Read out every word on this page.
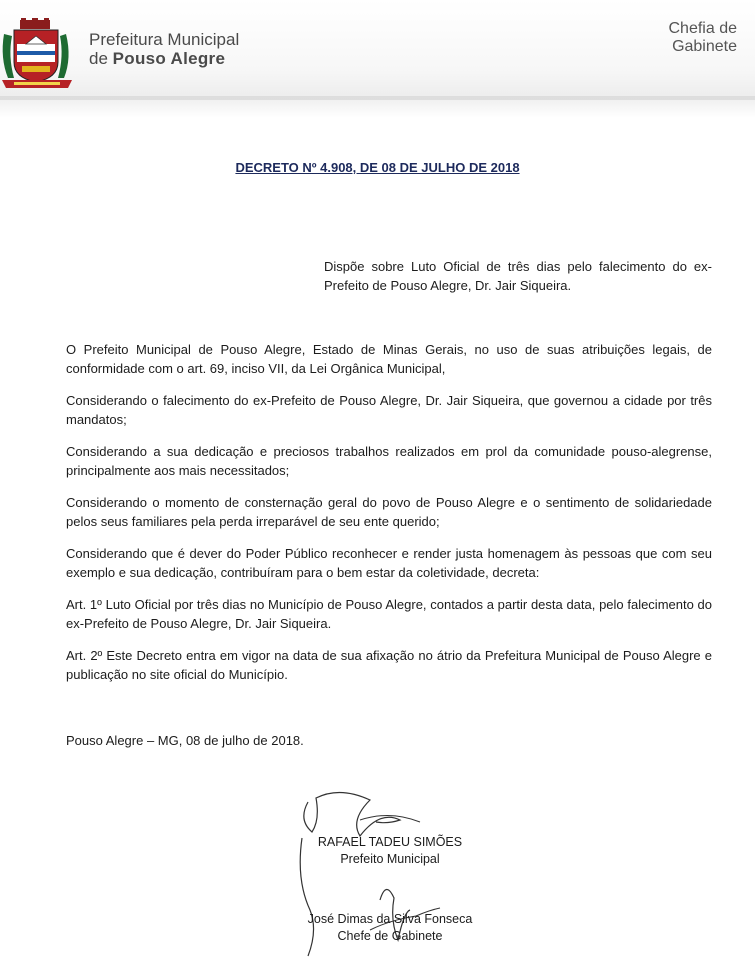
Prefeitura Municipal
de Pouso Alegre
Chefia de
Gabinete
DECRETO Nº 4.908, DE 08 DE JULHO DE 2018
Dispõe sobre Luto Oficial de três dias pelo falecimento do ex-Prefeito de Pouso Alegre, Dr. Jair Siqueira.
O Prefeito Municipal de Pouso Alegre, Estado de Minas Gerais, no uso de suas atribuições legais, de conformidade com o art. 69, inciso VII, da Lei Orgânica Municipal,
Considerando o falecimento do ex-Prefeito de Pouso Alegre, Dr. Jair Siqueira, que governou a cidade por três mandatos;
Considerando a sua dedicação e preciosos trabalhos realizados em prol da comunidade pouso-alegrense, principalmente aos mais necessitados;
Considerando o momento de consternação geral do povo de Pouso Alegre e o sentimento de solidariedade pelos seus familiares pela perda irreparável de seu ente querido;
Considerando que é dever do Poder Público reconhecer e render justa homenagem às pessoas que com seu exemplo e sua dedicação, contribuíram para o bem estar da coletividade, decreta:
Art. 1º Luto Oficial por três dias no Município de Pouso Alegre, contados a partir desta data, pelo falecimento do ex-Prefeito de Pouso Alegre, Dr. Jair Siqueira.
Art. 2º Este Decreto entra em vigor na data de sua afixação no átrio da Prefeitura Municipal de Pouso Alegre e publicação no site oficial do Município.
Pouso Alegre – MG, 08 de julho de 2018.
RAFAEL TADEU SIMÕES
Prefeito Municipal
José Dimas da Silva Fonseca
Chefe de Gabinete
